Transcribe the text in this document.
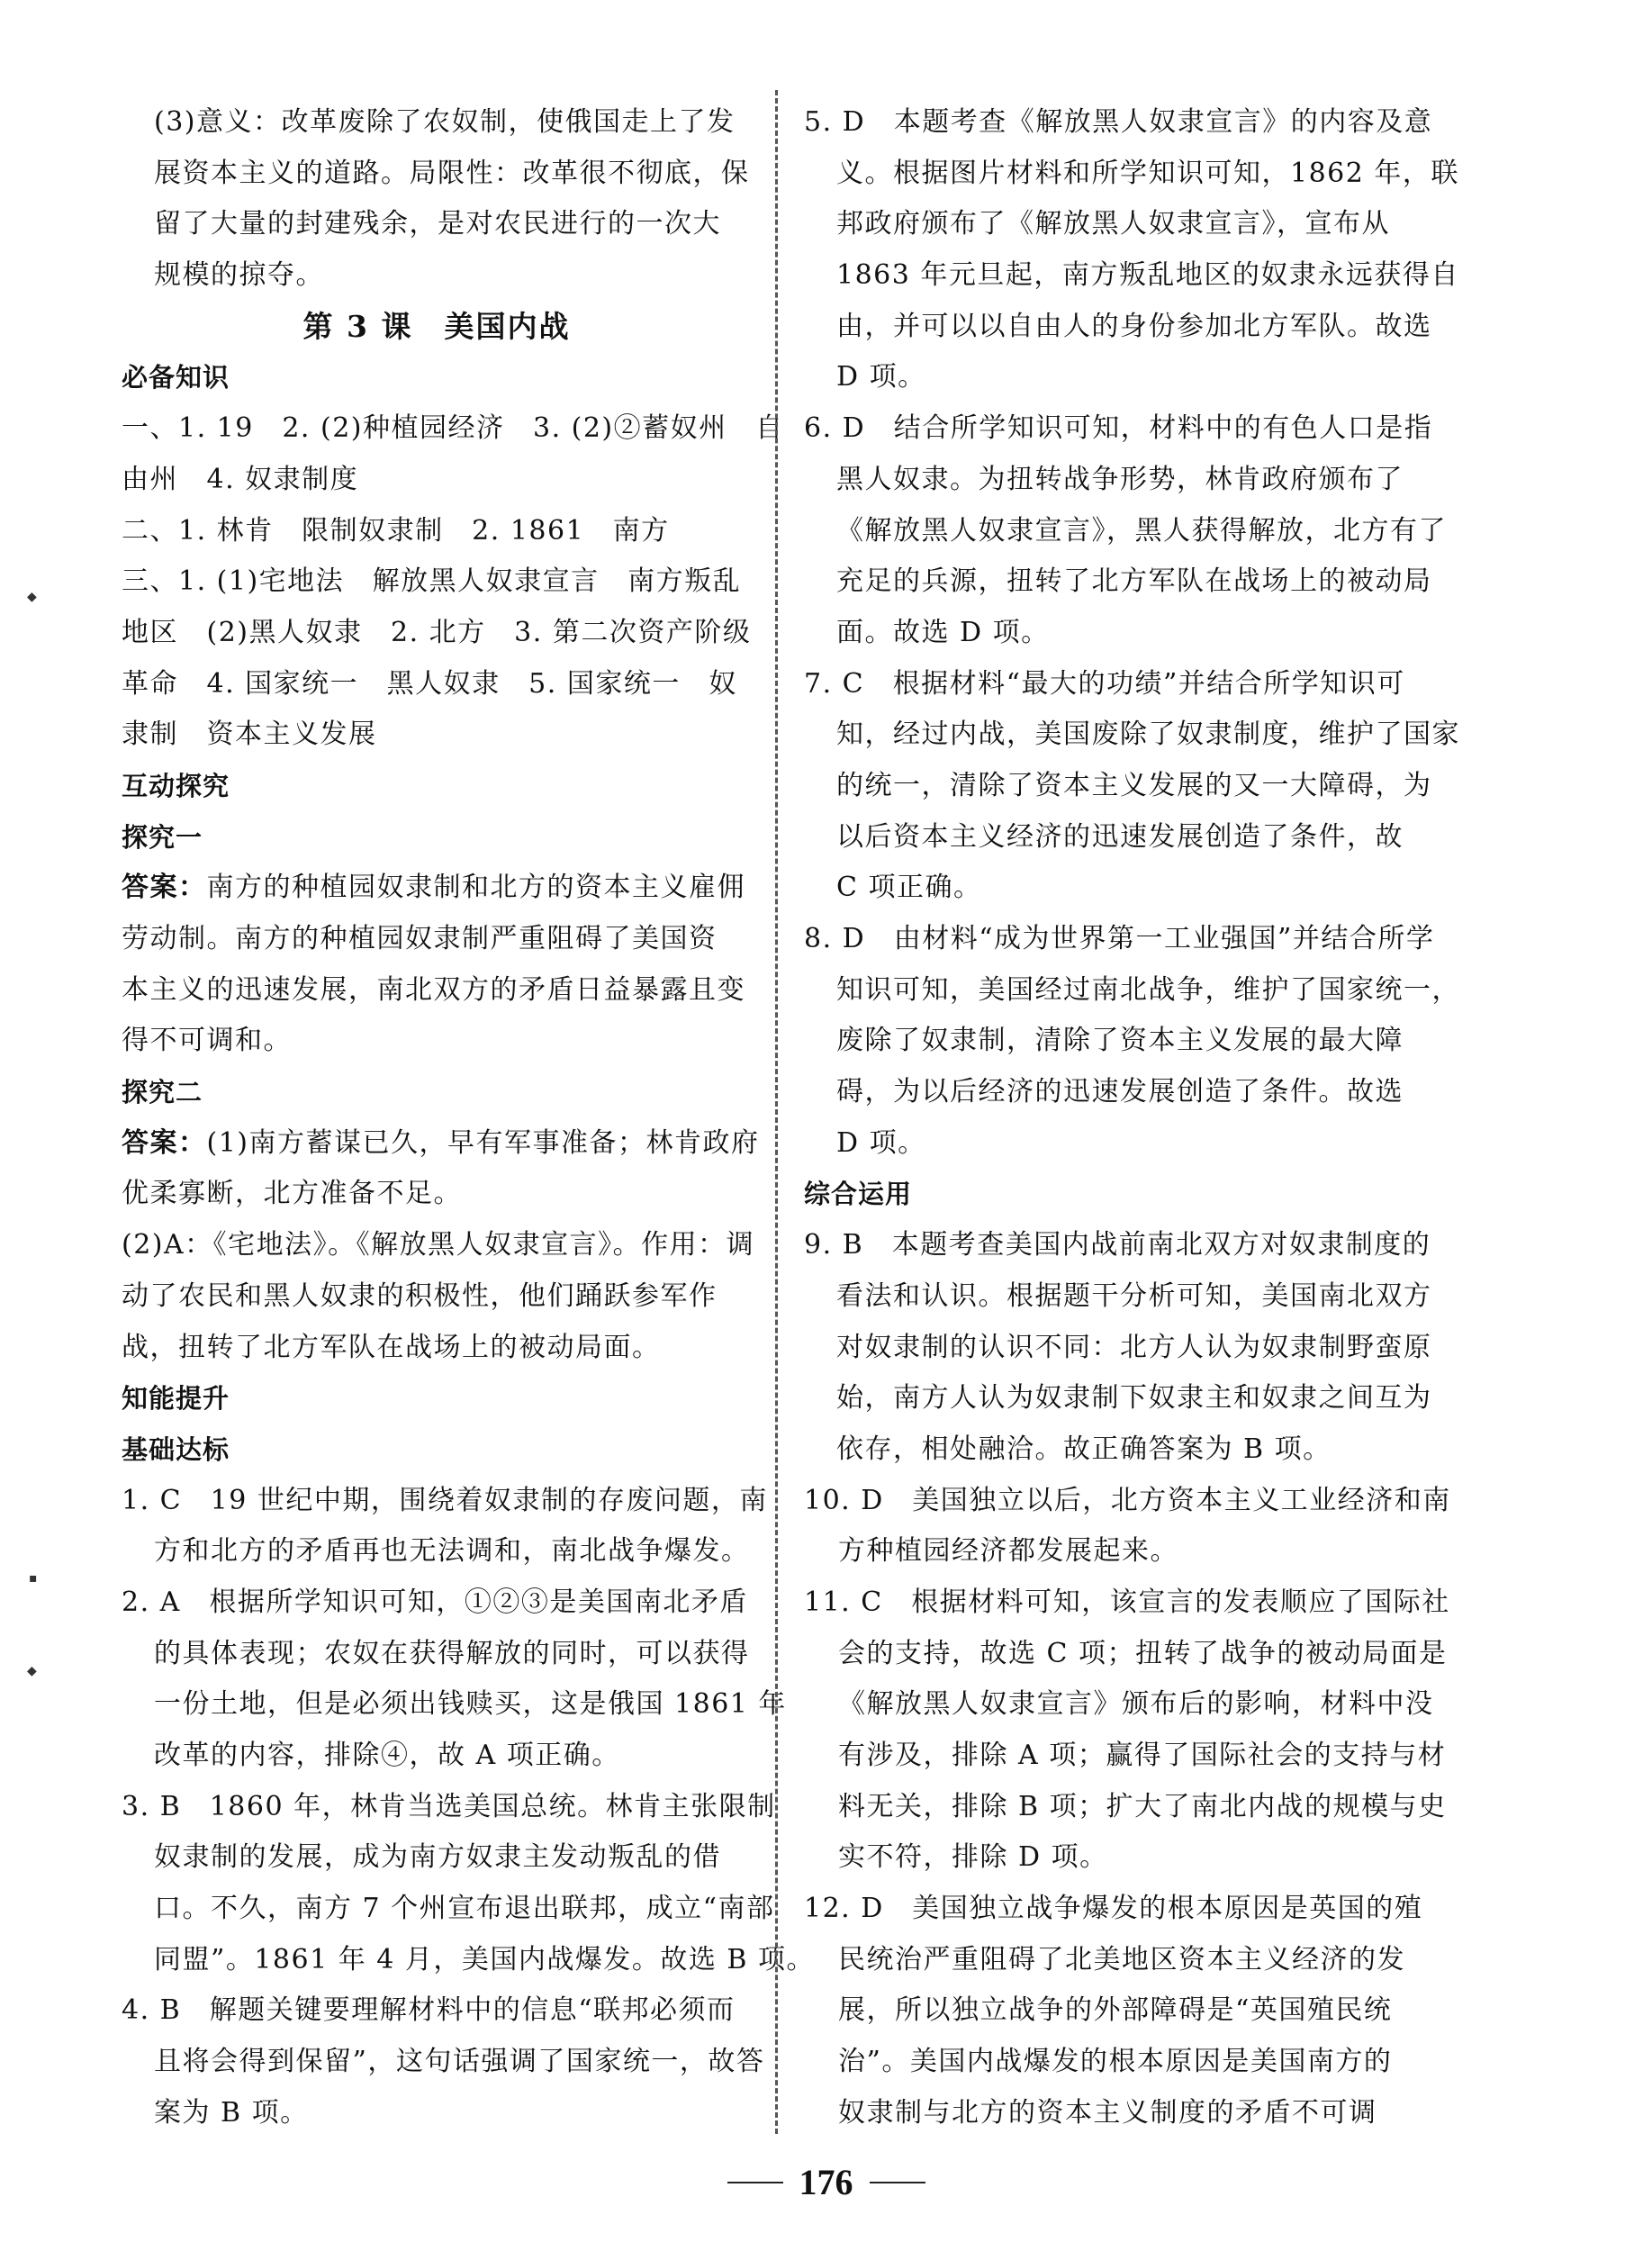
◆
▪
◆
(3)意义：改革废除了农奴制，使俄国走上了发
展资本主义的道路。局限性：改革很不彻底，保
留了大量的封建残余，是对农民进行的一次大
规模的掠夺。
第 3 课　美国内战
必备知识
一、1. 19　2. (2)种植园经济　3. (2)②蓄奴州　自
由州　4. 奴隶制度
二、1. 林肯　限制奴隶制　2. 1861　南方
三、1. (1)宅地法　解放黑人奴隶宣言　南方叛乱
地区　(2)黑人奴隶　2. 北方　3. 第二次资产阶级
革命　4. 国家统一　黑人奴隶　5. 国家统一　奴
隶制　资本主义发展
互动探究
探究一
答案：南方的种植园奴隶制和北方的资本主义雇佣
劳动制。南方的种植园奴隶制严重阻碍了美国资
本主义的迅速发展，南北双方的矛盾日益暴露且变
得不可调和。
探究二
答案：(1)南方蓄谋已久，早有军事准备；林肯政府
优柔寡断，北方准备不足。
(2)A：《宅地法》。《解放黑人奴隶宣言》。作用：调
动了农民和黑人奴隶的积极性，他们踊跃参军作
战，扭转了北方军队在战场上的被动局面。
知能提升
基础达标
1. C　19 世纪中期，围绕着奴隶制的存废问题，南
方和北方的矛盾再也无法调和，南北战争爆发。
2. A　根据所学知识可知，①②③是美国南北矛盾
的具体表现；农奴在获得解放的同时，可以获得
一份土地，但是必须出钱赎买，这是俄国 1861 年
改革的内容，排除④，故 A 项正确。
3. B　1860 年，林肯当选美国总统。林肯主张限制
奴隶制的发展，成为南方奴隶主发动叛乱的借
口。不久，南方 7 个州宣布退出联邦，成立“南部
同盟”。1861 年 4 月，美国内战爆发。故选 B 项。
4. B　解题关键要理解材料中的信息“联邦必须而
且将会得到保留”，这句话强调了国家统一，故答
案为 B 项。
5. D　本题考查《解放黑人奴隶宣言》的内容及意
义。根据图片材料和所学知识可知，1862 年，联
邦政府颁布了《解放黑人奴隶宣言》，宣布从
1863 年元旦起，南方叛乱地区的奴隶永远获得自
由，并可以以自由人的身份参加北方军队。故选
D 项。
6. D　结合所学知识可知，材料中的有色人口是指
黑人奴隶。为扭转战争形势，林肯政府颁布了
《解放黑人奴隶宣言》，黑人获得解放，北方有了
充足的兵源，扭转了北方军队在战场上的被动局
面。故选 D 项。
7. C　根据材料“最大的功绩”并结合所学知识可
知，经过内战，美国废除了奴隶制度，维护了国家
的统一，清除了资本主义发展的又一大障碍，为
以后资本主义经济的迅速发展创造了条件，故
C 项正确。
8. D　由材料“成为世界第一工业强国”并结合所学
知识可知，美国经过南北战争，维护了国家统一，
废除了奴隶制，清除了资本主义发展的最大障
碍，为以后经济的迅速发展创造了条件。故选
D 项。
综合运用
9. B　本题考查美国内战前南北双方对奴隶制度的
看法和认识。根据题干分析可知，美国南北双方
对奴隶制的认识不同：北方人认为奴隶制野蛮原
始，南方人认为奴隶制下奴隶主和奴隶之间互为
依存，相处融洽。故正确答案为 B 项。
10. D　美国独立以后，北方资本主义工业经济和南
方种植园经济都发展起来。
11. C　根据材料可知，该宣言的发表顺应了国际社
会的支持，故选 C 项；扭转了战争的被动局面是
《解放黑人奴隶宣言》颁布后的影响，材料中没
有涉及，排除 A 项；赢得了国际社会的支持与材
料无关，排除 B 项；扩大了南北内战的规模与史
实不符，排除 D 项。
12. D　美国独立战争爆发的根本原因是英国的殖
民统治严重阻碍了北美地区资本主义经济的发
展，所以独立战争的外部障碍是“英国殖民统
治”。美国内战爆发的根本原因是美国南方的
奴隶制与北方的资本主义制度的矛盾不可调
176
